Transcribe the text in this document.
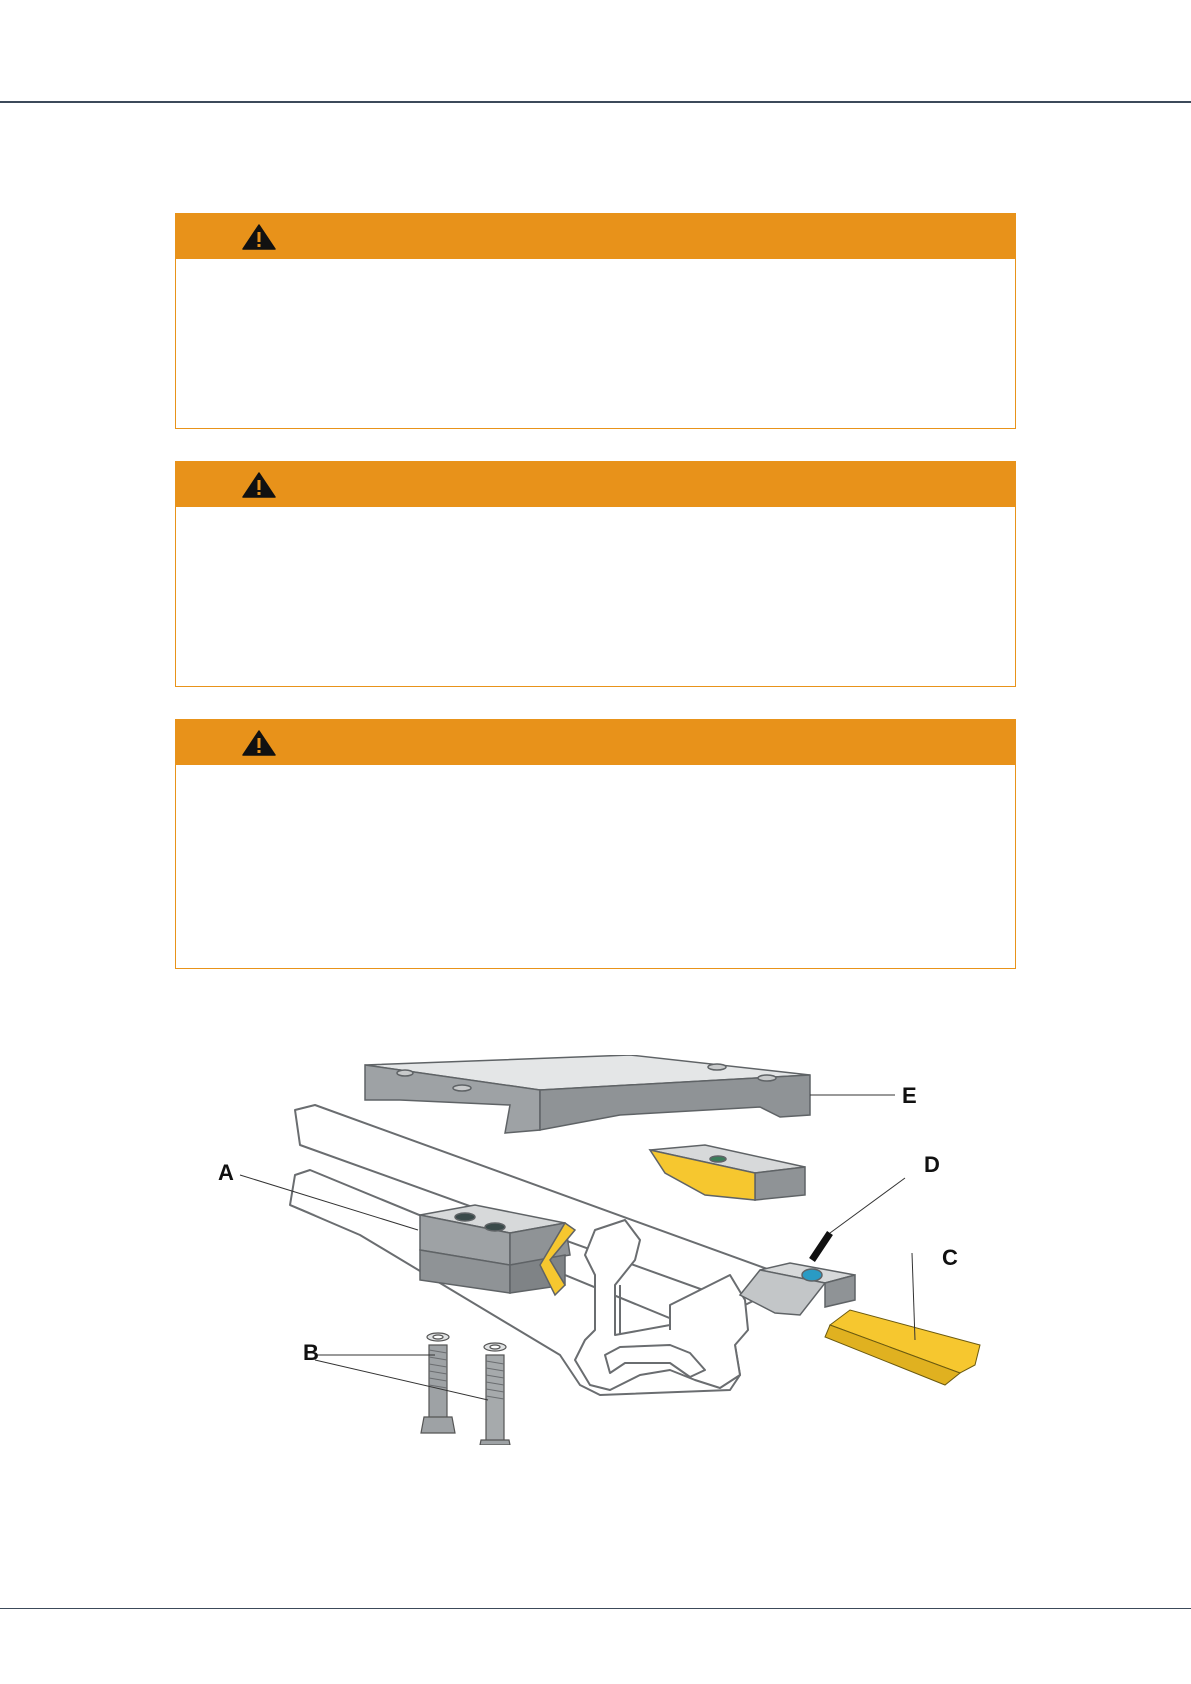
A
B
C
D
E
